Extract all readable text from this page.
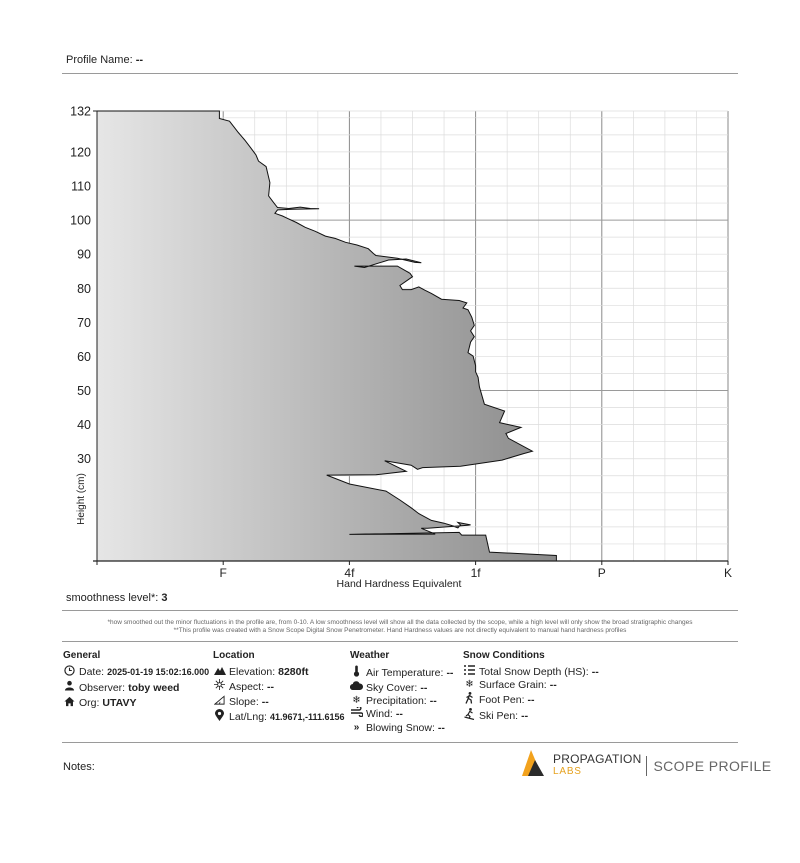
Profile Name: --
132
120
110
100
90
80
70
60
50
40
30
F	4f	1f	P	K
Height (cm)
Hand Hardness Equivalent
smoothness level*: 3
*how smoothed out the minor fluctuations in the profile are, from 0-10. A low smoothness level will show all the data collected by the scope, while a high level will only show the broad stratigraphic changes
**This profile was created with a Snow Scope Digital Snow Penetrometer. Hand Hardness values are not directly equivalent to manual hand hardness profiles
General
Date: 2025-01-19 15:02:16.000
Observer: toby weed
Org: UTAVY
Location
Elevation: 8280ft
Aspect: --
Slope: --
Lat/Lng: 41.9671,-111.6156
Weather
Air Temperature: --
Sky Cover: --
❄ Precipitation: --
Wind: --
» Blowing Snow: --
Snow Conditions
Total Snow Depth (HS): --
❄ Surface Grain: --
Foot Pen: --
Ski Pen: --
Notes:
PROPAGATION
LABS	SCOPE PROFILE
